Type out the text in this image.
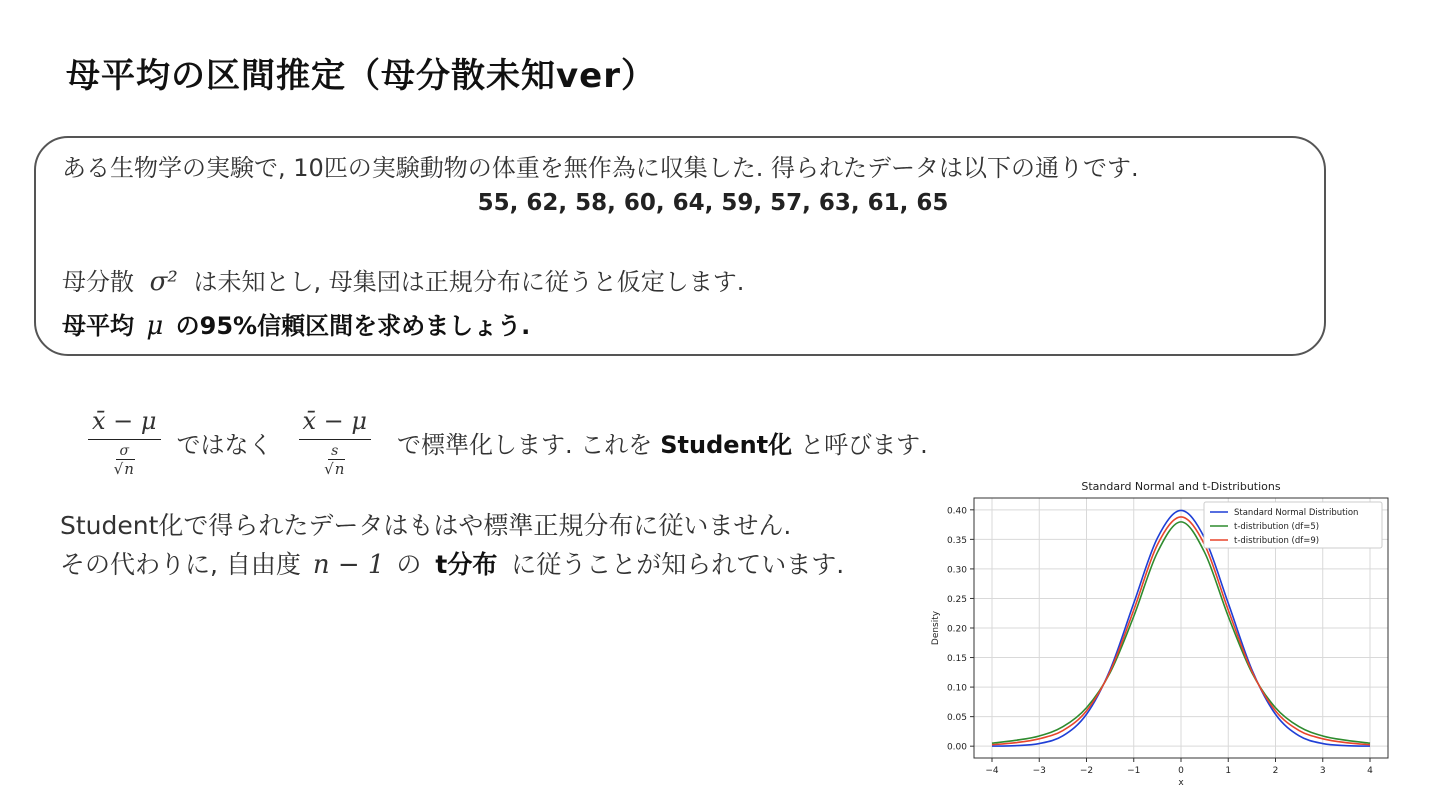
母平均の区間推定（母分散未知ver）
ある生物学の実験で, 10匹の実験動物の体重を無作為に収集した. 得られたデータは以下の通りです.
55, 62, 58, 60, 64, 59, 57, 63, 61, 65
母分散 σ² は未知とし, 母集団は正規分布に従うと仮定します.
母平均 μ の95%信頼区間を求めましょう.
x̄ − μ
σ
√n ではなく x̄ − μ
s
√n で標準化します. これを Student化 と呼びます.
Student化で得られたデータはもはや標準正規分布に従いません.
その代わりに, 自由度 n − 1 の t分布 に従うことが知られています.
Standard Normal and t-Distributions
0.00
0.05
0.10
0.15
0.20
0.25
0.30
0.35
0.40
−4	−3	−2	−1	0	1	2	3	4
x
Density
Standard Normal Distribution
t-distribution (df=5)
t-distribution (df=9)
